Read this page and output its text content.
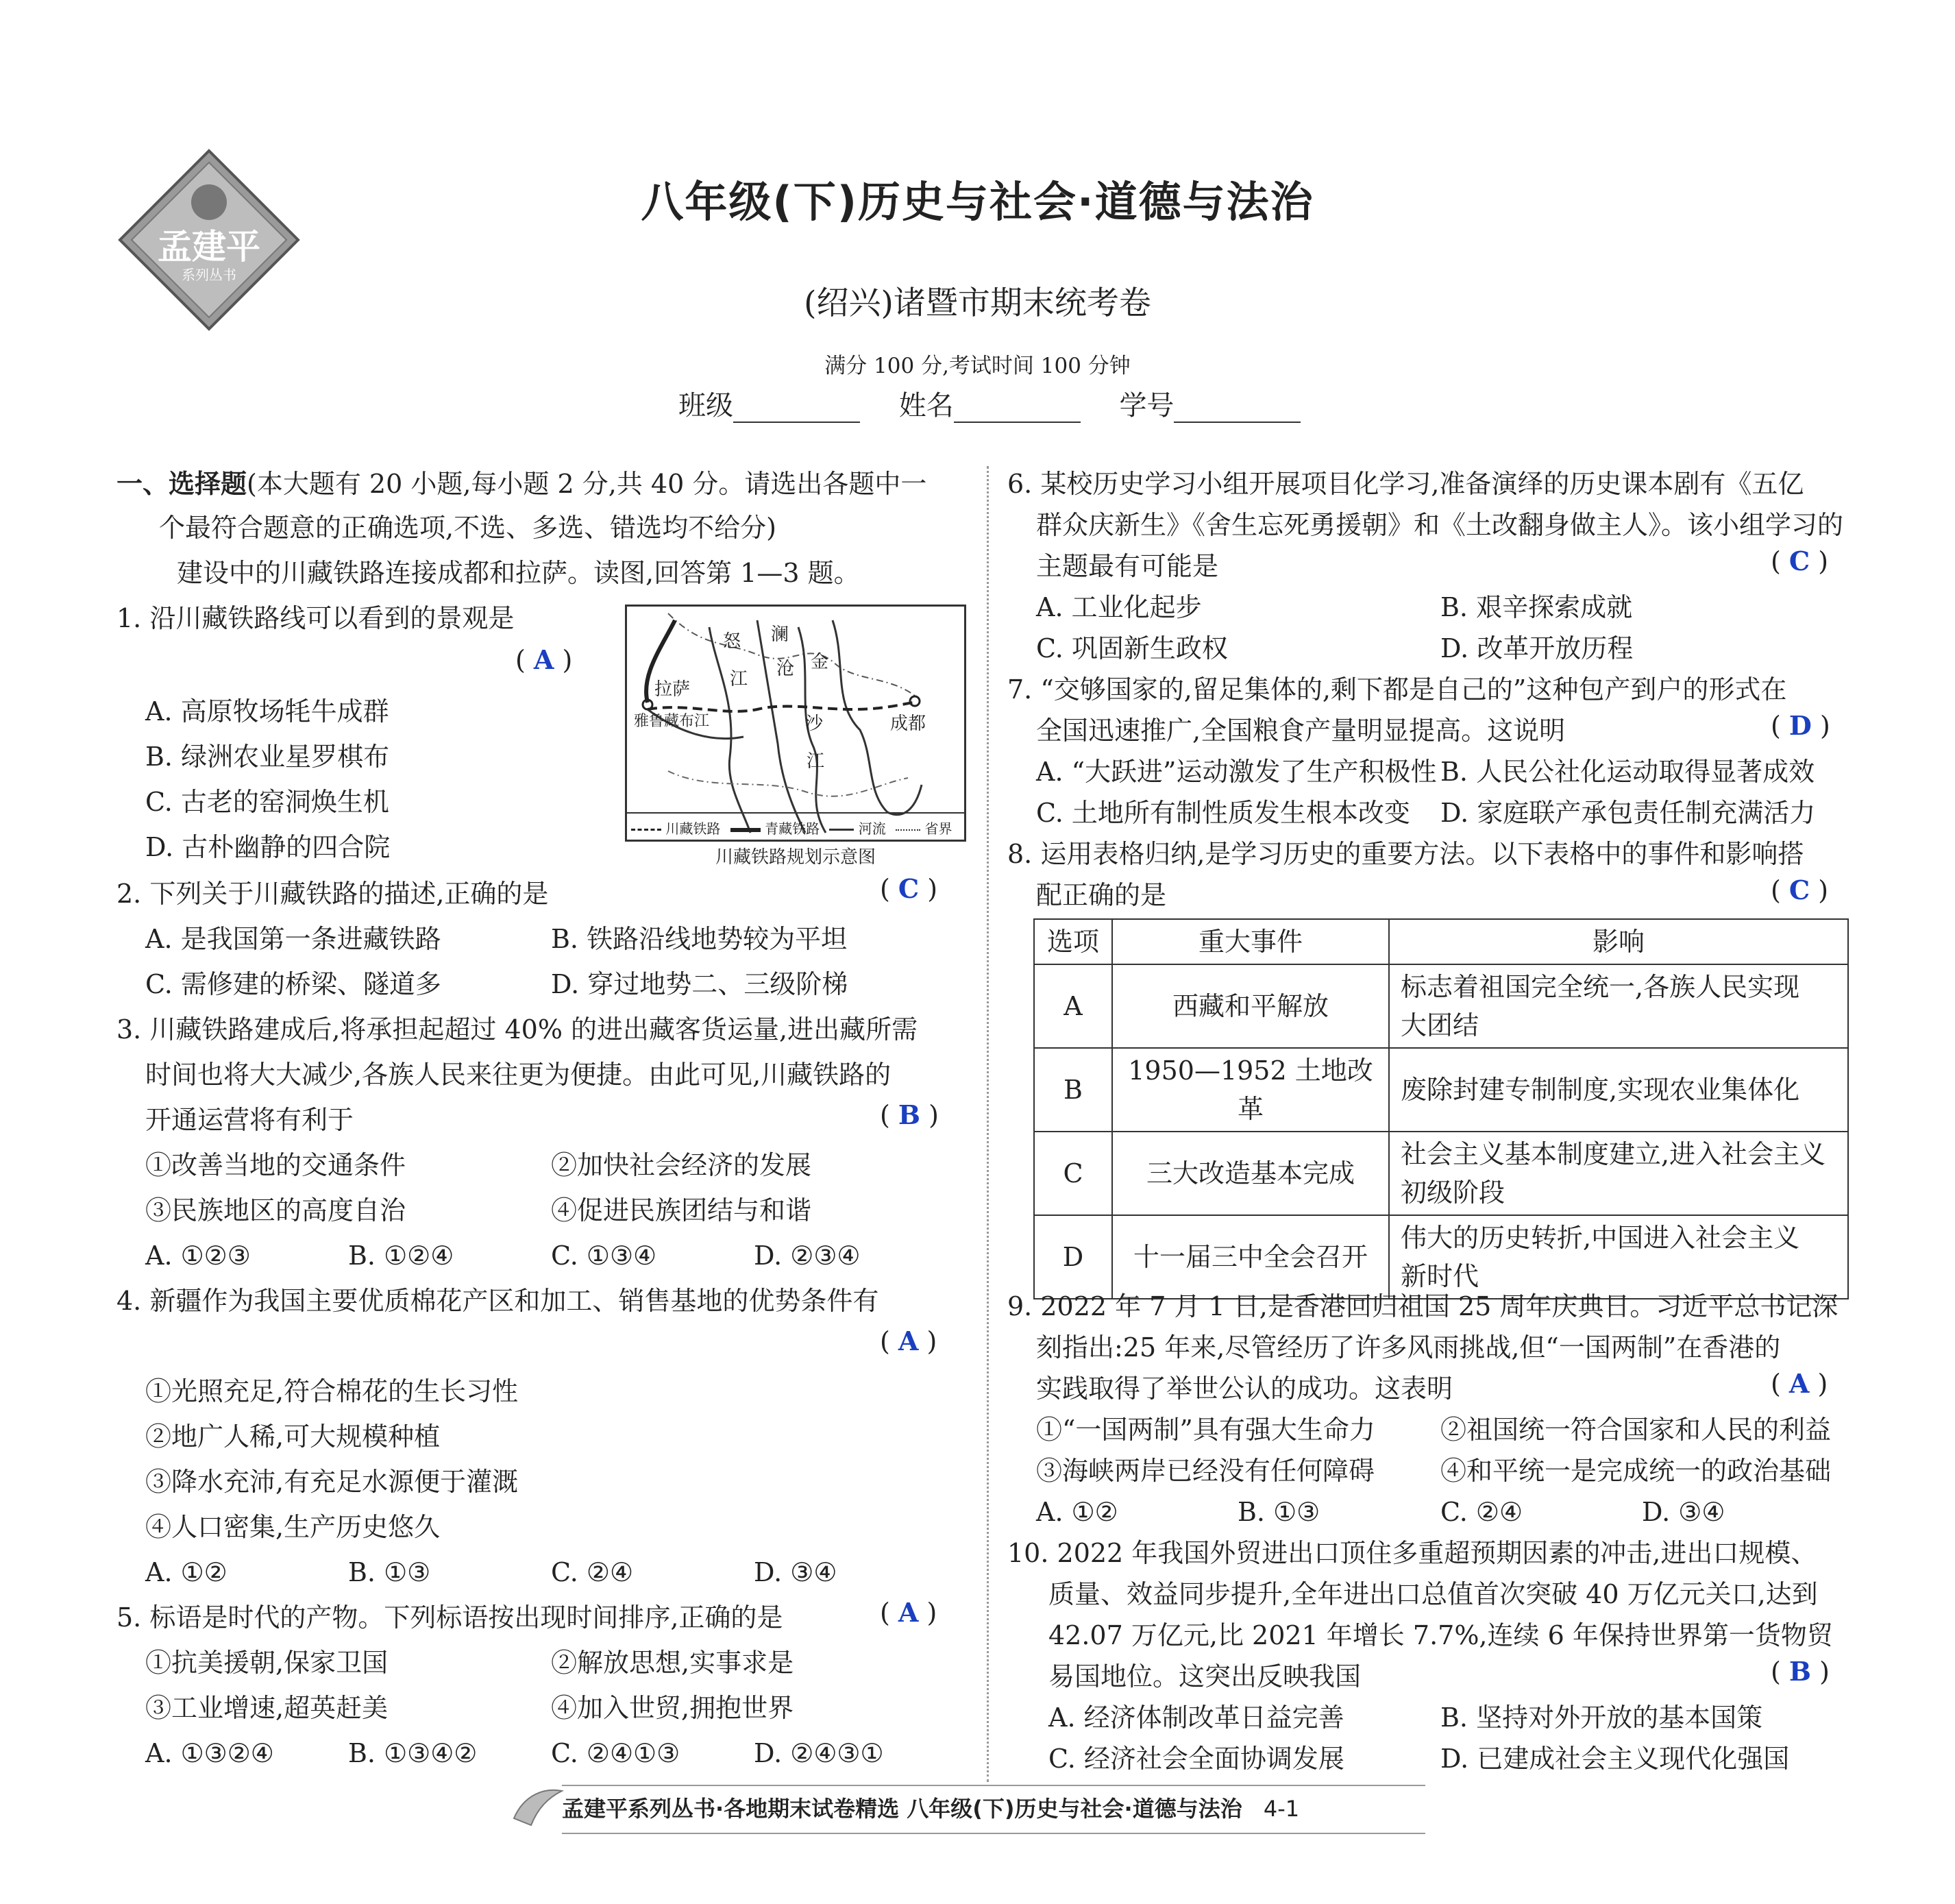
孟建平
系列丛书
八年级(下)历史与社会·道德与法治
(绍兴)诸暨市期末统考卷
满分 100 分,考试时间 100 分钟
班级	姓名	学号
一、选择题(本大题有 20 小题,每小题 2 分,共 40 分。请选出各题中一
个最符合题意的正确选项,不选、多选、错选均不给分)
建设中的川藏铁路连接成都和拉萨。读图,回答第 1—3 题。
1. 沿川藏铁路线可以看到的景观是
( A )
A. 高原牧场牦牛成群
B. 绿洲农业星罗棋布
C. 古老的窑洞焕生机
D. 古朴幽静的四合院
拉萨
成都
雅鲁藏布江
怒
江
澜
沧 金
沙
江
川藏铁路	青藏铁路	河流	省界
川藏铁路规划示意图
2. 下列关于川藏铁路的描述,正确的是	( C )
A. 是我国第一条进藏铁路	B. 铁路沿线地势较为平坦
C. 需修建的桥梁、隧道多	D. 穿过地势二、三级阶梯
3. 川藏铁路建成后,将承担起超过 40% 的进出藏客货运量,进出藏所需
时间也将大大减少,各族人民来往更为便捷。由此可见,川藏铁路的
开通运营将有利于	( B )
①改善当地的交通条件	②加快社会经济的发展
③民族地区的高度自治	④促进民族团结与和谐
A. ①②③	B. ①②④	C. ①③④	D. ②③④
4. 新疆作为我国主要优质棉花产区和加工、销售基地的优势条件有
( A )
①光照充足,符合棉花的生长习性
②地广人稀,可大规模种植
③降水充沛,有充足水源便于灌溉
④人口密集,生产历史悠久
A. ①②	B. ①③	C. ②④	D. ③④
5. 标语是时代的产物。下列标语按出现时间排序,正确的是	( A )
①抗美援朝,保家卫国	②解放思想,实事求是
③工业增速,超英赶美	④加入世贸,拥抱世界
A. ①③②④	B. ①③④②	C. ②④①③	D. ②④③①
6. 某校历史学习小组开展项目化学习,准备演绎的历史课本剧有《五亿
群众庆新生》《舍生忘死勇援朝》和《土改翻身做主人》。该小组学习的
主题最有可能是	( C )
A. 工业化起步	B. 艰辛探索成就
C. 巩固新生政权	D. 改革开放历程
7. “交够国家的,留足集体的,剩下都是自己的”这种包产到户的形式在
全国迅速推广,全国粮食产量明显提高。这说明	( D )
A. “大跃进”运动激发了生产积极性 B. 人民公社化运动取得显著成效
C. 土地所有制性质发生根本改变 D. 家庭联产承包责任制充满活力
8. 运用表格归纳,是学习历史的重要方法。以下表格中的事件和影响搭
配正确的是	( C )
选项	重大事件	影响
A	西藏和平解放	标志着祖国完全统一,各族人民实现
大团结

B	1950—1952 土地改革	废除封建专制制度,实现农业集体化

C	三大改造基本完成	社会主义基本制度建立,进入社会主义
初级阶段

D	十一届三中全会召开	伟大的历史转折,中国进入社会主义
新时代
9. 2022 年 7 月 1 日,是香港回归祖国 25 周年庆典日。习近平总书记深
刻指出:25 年来,尽管经历了许多风雨挑战,但“一国两制”在香港的
实践取得了举世公认的成功。这表明	( A )
①“一国两制”具有强大生命力	②祖国统一符合国家和人民的利益
③海峡两岸已经没有任何障碍	④和平统一是完成统一的政治基础
A. ①②	B. ①③	C. ②④	D. ③④
10. 2022 年我国外贸进出口顶住多重超预期因素的冲击,进出口规模、
质量、效益同步提升,全年进出口总值首次突破 40 万亿元关口,达到
42.07 万亿元,比 2021 年增长 7.7%,连续 6 年保持世界第一货物贸
易国地位。这突出反映我国	( B )
A. 经济体制改革日益完善	B. 坚持对外开放的基本国策
C. 经济社会全面协调发展	D. 已建成社会主义现代化强国
孟建平系列丛书·各地期末试卷精选 八年级(下)历史与社会·道德与法治 4-1
